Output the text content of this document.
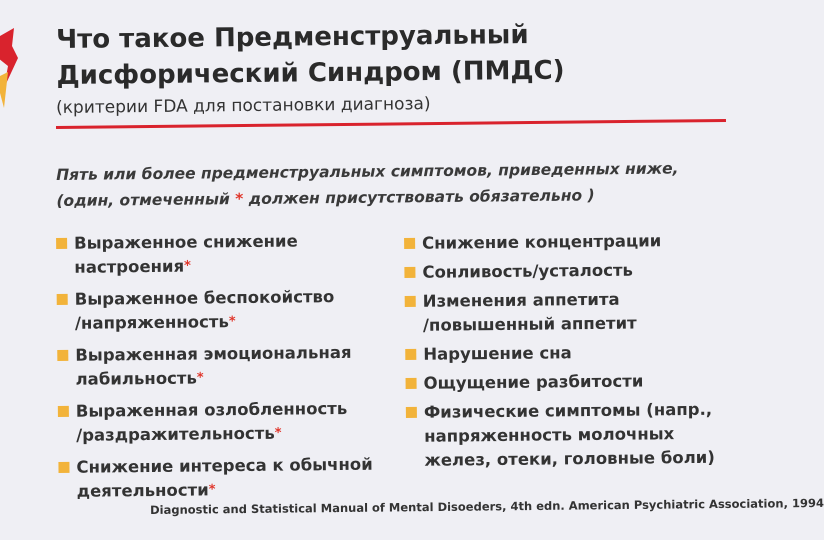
Что такое Предменструальный
Дисфорический Синдром (ПМДС)
(критерии FDA для постановки диагноза)
Пять или более предменструальных симптомов, приведенных ниже,
(один, отмеченный * должен присутствовать обязательно )
Выраженное снижение
настроения*
Выраженное беспокойство
/напряженность*
Выраженная эмоциональная
лабильность*
Выраженная озлобленность
/раздражительность*
Снижение интереса к обычной
деятельности*
Снижение концентрации
Сонливость/усталость
Изменения аппетита
/повышенный аппетит
Нарушение сна
Ощущение разбитости
Физические симптомы (напр.,
напряженность молочных
желез, отеки, головные боли)
Diagnostic and Statistical Manual of Mental Disoeders, 4th edn. American Psychiatric Association, 1994
